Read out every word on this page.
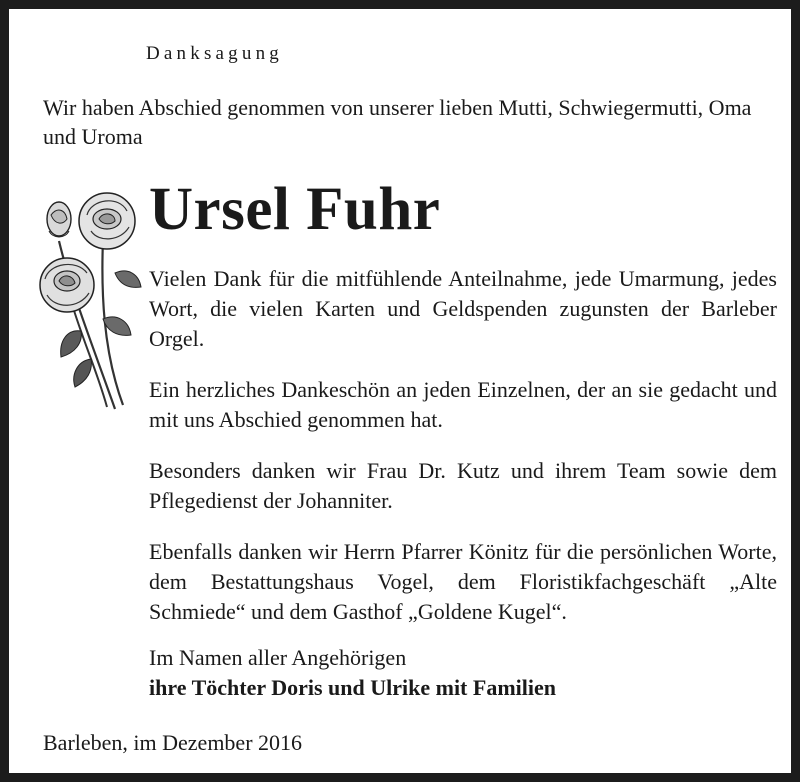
Danksagung
Wir haben Abschied genommen von unserer lieben Mutti, Schwiegermutti, Oma und Uroma
Ursel Fuhr
Vielen Dank für die mitfühlende Anteilnahme, jede Umarmung, jedes Wort, die vielen Karten und Geldspenden zugunsten der Barleber Orgel.
Ein herzliches Dankeschön an jeden Einzelnen, der an sie gedacht und mit uns Abschied genommen hat.
Besonders danken wir Frau Dr. Kutz und ihrem Team sowie dem Pflegedienst der Johanniter.
Ebenfalls danken wir Herrn Pfarrer Könitz für die persönlichen Worte, dem Bestattungshaus Vogel, dem Floristikfachgeschäft „Alte Schmiede“ und dem Gasthof „Goldene Kugel“.
Im Namen aller Angehörigen
ihre Töchter Doris und Ulrike mit Familien
Barleben, im Dezember 2016
